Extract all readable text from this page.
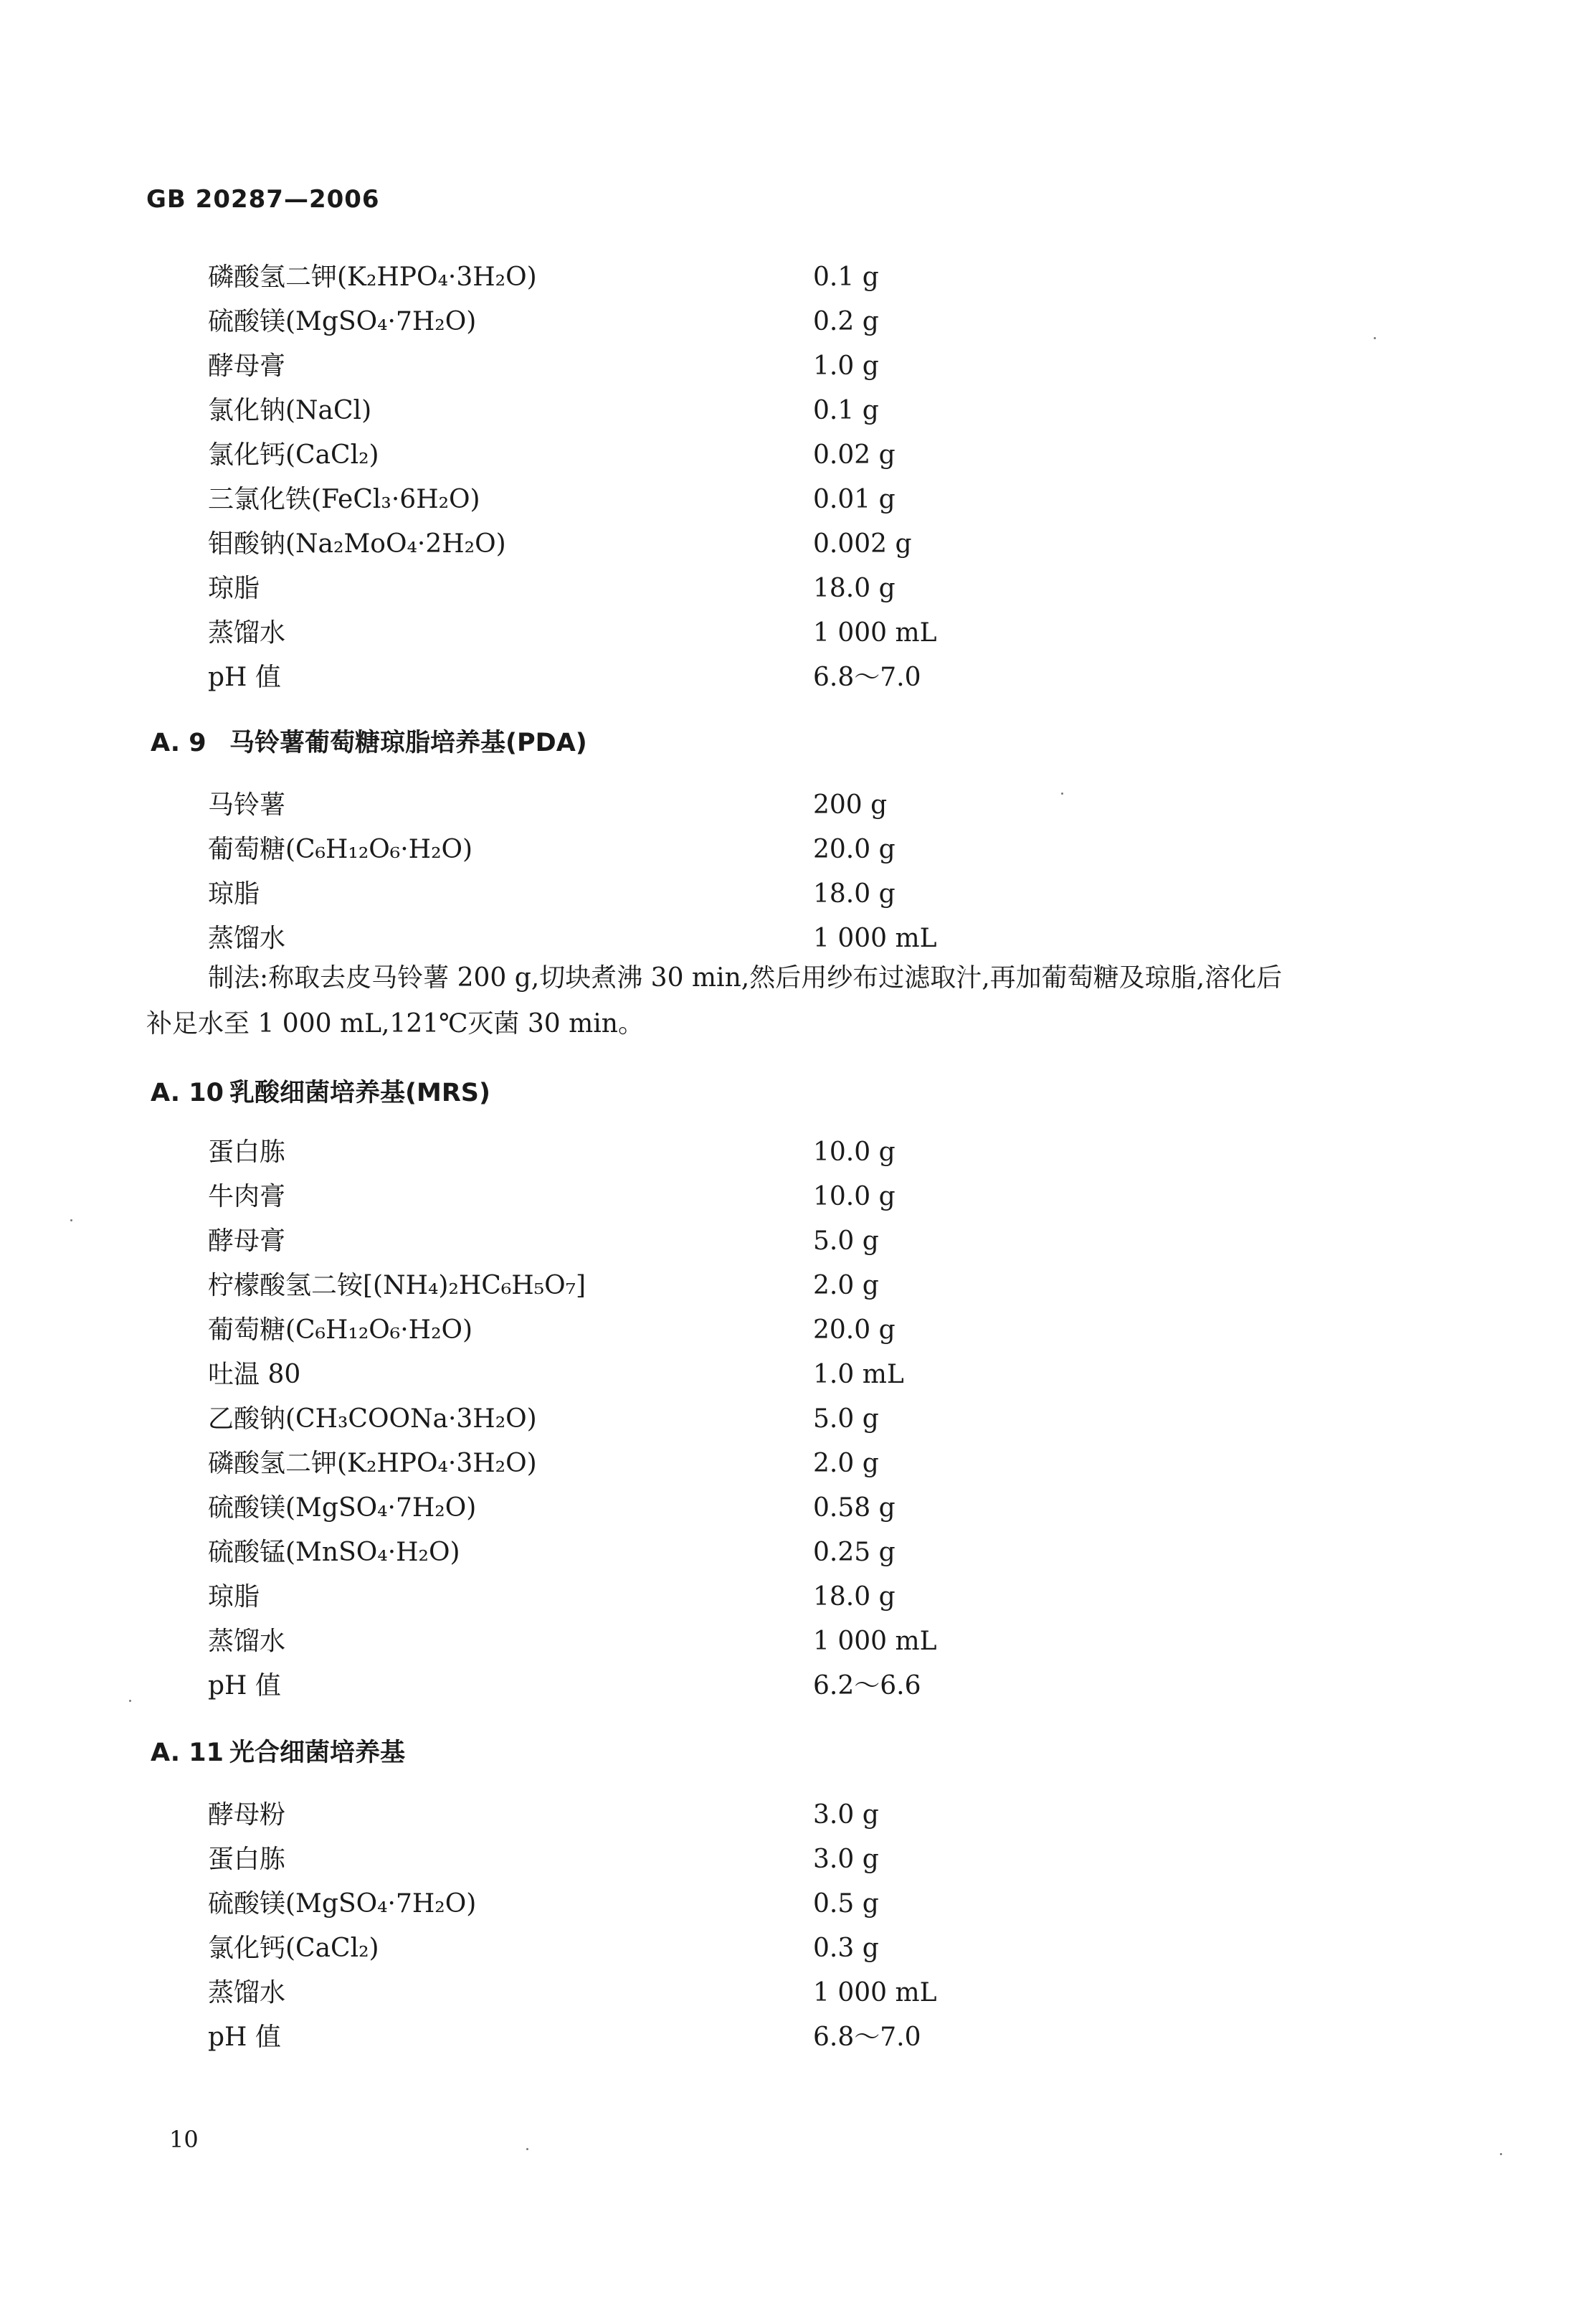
GB 20287—2006
磷酸氢二钾(K₂HPO₄·3H₂O)	0.1 g
硫酸镁(MgSO₄·7H₂O)	0.2 g
酵母膏	1.0 g
氯化钠(NaCl)	0.1 g
氯化钙(CaCl₂)	0.02 g
三氯化铁(FeCl₃·6H₂O)	0.01 g
钼酸钠(Na₂MoO₄·2H₂O)	0.002 g
琼脂	18.0 g
蒸馏水	1 000 mL
pH 值	6.8～7.0
A. 9 马铃薯葡萄糖琼脂培养基(PDA)
马铃薯	200 g
葡萄糖(C₆H₁₂O₆·H₂O)	20.0 g
琼脂	18.0 g
蒸馏水	1 000 mL
制法:称取去皮马铃薯 200 g,切块煮沸 30 min,然后用纱布过滤取汁,再加葡萄糖及琼脂,溶化后
补足水至 1 000 mL,121℃灭菌 30 min。
A. 10 乳酸细菌培养基(MRS)
蛋白胨	10.0 g
牛肉膏	10.0 g
酵母膏	5.0 g
柠檬酸氢二铵[(NH₄)₂HC₆H₅O₇]	2.0 g
葡萄糖(C₆H₁₂O₆·H₂O)	20.0 g
吐温 80	1.0 mL
乙酸钠(CH₃COONa·3H₂O)	5.0 g
磷酸氢二钾(K₂HPO₄·3H₂O)	2.0 g
硫酸镁(MgSO₄·7H₂O)	0.58 g
硫酸锰(MnSO₄·H₂O)	0.25 g
琼脂	18.0 g
蒸馏水	1 000 mL
pH 值	6.2～6.6
A. 11 光合细菌培养基
酵母粉	3.0 g
蛋白胨	3.0 g
硫酸镁(MgSO₄·7H₂O)	0.5 g
氯化钙(CaCl₂)	0.3 g
蒸馏水	1 000 mL
pH 值	6.8～7.0
10
